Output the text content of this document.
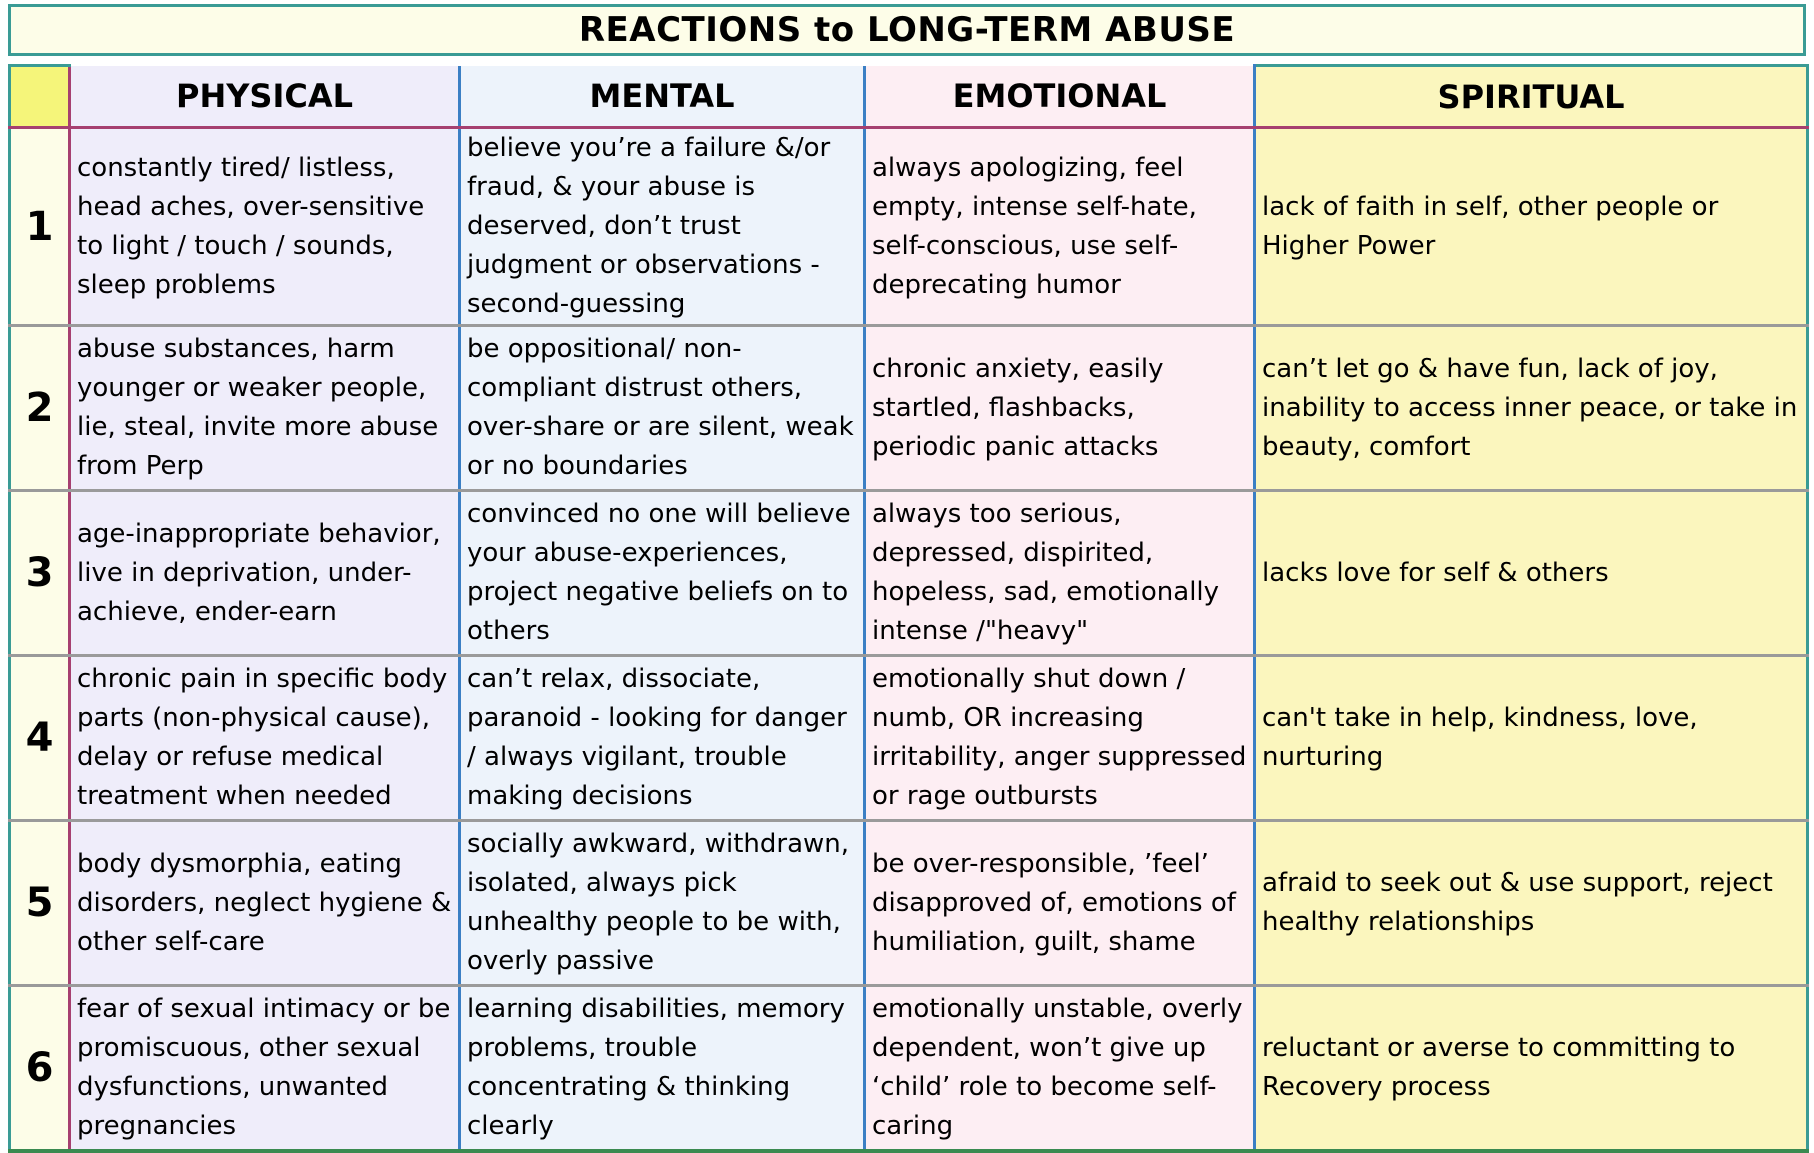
REACTIONS to LONG-TERM ABUSE
	PHYSICAL	MENTAL	EMOTIONAL	SPIRITUAL
1	constantly tired/ listless, head aches, over-sensitive to light / touch / sounds, sleep problems	believe you’re a failure &/or fraud, & your abuse is deserved, don’t trust judgment or observations - second-guessing	always apologizing, feel empty, intense self-hate, self-conscious, use self-deprecating humor	lack of faith in self, other people or Higher Power
2	abuse substances, harm younger or weaker people, lie, steal, invite more abuse from Perp	be oppositional/ non-compliant distrust others, over-share or are silent, weak or no boundaries	chronic anxiety, easily startled, flashbacks, periodic panic attacks	can’t let go & have fun, lack of joy, inability to access inner peace, or take in beauty, comfort
3	age-inappropriate behavior, live in deprivation, under-achieve, ender-earn	convinced no one will believe your abuse-experiences, project negative beliefs on to others	always too serious, depressed, dispirited, hopeless, sad, emotionally intense /"heavy"	lacks love for self & others
4	chronic pain in specific body parts (non-physical cause), delay or refuse medical treatment when needed	can’t relax, dissociate, paranoid - looking for danger / always vigilant, trouble making decisions	emotionally shut down / numb, OR increasing irritability, anger suppressed or rage outbursts	can't take in help, kindness, love, nurturing
5	body dysmorphia, eating disorders, neglect hygiene & other self-care	socially awkward, withdrawn, isolated, always pick unhealthy people to be with, overly passive	be over-responsible, ’feel’ disapproved of, emotions of humiliation, guilt, shame	afraid to seek out & use support, reject healthy relationships
6	fear of sexual intimacy or be promiscuous, other sexual dysfunctions, unwanted pregnancies	learning disabilities, memory problems, trouble concentrating & thinking clearly	emotionally unstable, overly dependent, won’t give up ‘child’ role to become self-caring	reluctant or averse to committing to Recovery process
